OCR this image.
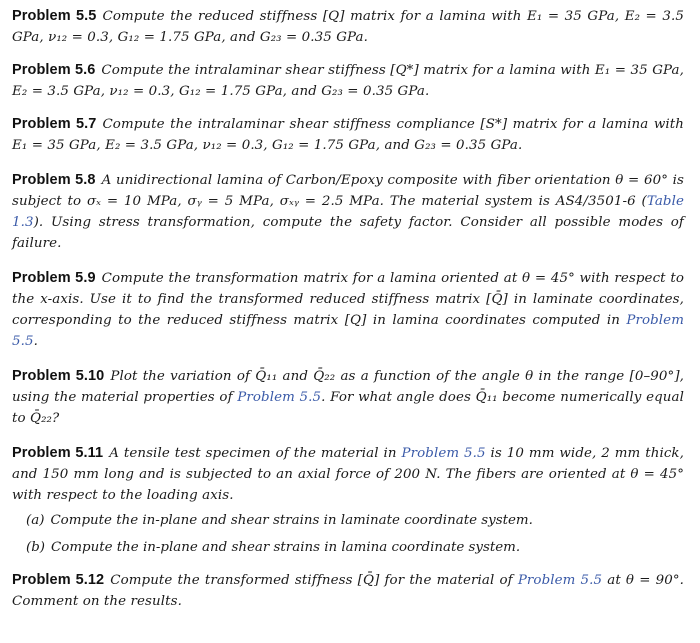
Problem 5.5 Compute the reduced stiffness [Q] matrix for a lamina with E₁ = 35 GPa, E₂ = 3.5 GPa, ν₁₂ = 0.3, G₁₂ = 1.75 GPa, and G₂₃ = 0.35 GPa.

Problem 5.6 Compute the intralaminar shear stiffness [Q*] matrix for a lamina with E₁ = 35 GPa, E₂ = 3.5 GPa, ν₁₂ = 0.3, G₁₂ = 1.75 GPa, and G₂₃ = 0.35 GPa.

Problem 5.7 Compute the intralaminar shear stiffness compliance [S*] matrix for a lamina with E₁ = 35 GPa, E₂ = 3.5 GPa, ν₁₂ = 0.3, G₁₂ = 1.75 GPa, and G₂₃ = 0.35 GPa.

Problem 5.8 A unidirectional lamina of Carbon/Epoxy composite with fiber orientation θ = 60° is subject to σₓ = 10 MPa, σᵧ = 5 MPa, σₓᵧ = 2.5 MPa. The material system is AS4/3501-6 (Table 1.3). Using stress transformation, compute the safety factor. Consider all possible modes of failure.

Problem 5.9 Compute the transformation matrix for a lamina oriented at θ = 45° with respect to the x-axis. Use it to find the transformed reduced stiffness matrix [Q̄] in laminate coordinates, corresponding to the reduced stiffness matrix [Q] in lamina coordinates computed in Problem 5.5.

Problem 5.10 Plot the variation of Q̄₁₁ and Q̄₂₂ as a function of the angle θ in the range [0–90°], using the material properties of Problem 5.5. For what angle does Q̄₁₁ become numerically equal to Q̄₂₂?

Problem 5.11 A tensile test specimen of the material in Problem 5.5 is 10 mm wide, 2 mm thick, and 150 mm long and is subjected to an axial force of 200 N. The fibers are oriented at θ = 45° with respect to the loading axis.

(a) Compute the in-plane and shear strains in laminate coordinate system.
(b) Compute the in-plane and shear strains in lamina coordinate system.

Problem 5.12 Compute the transformed stiffness [Q̄] for the material of Problem 5.5 at θ = 90°. Comment on the results.
